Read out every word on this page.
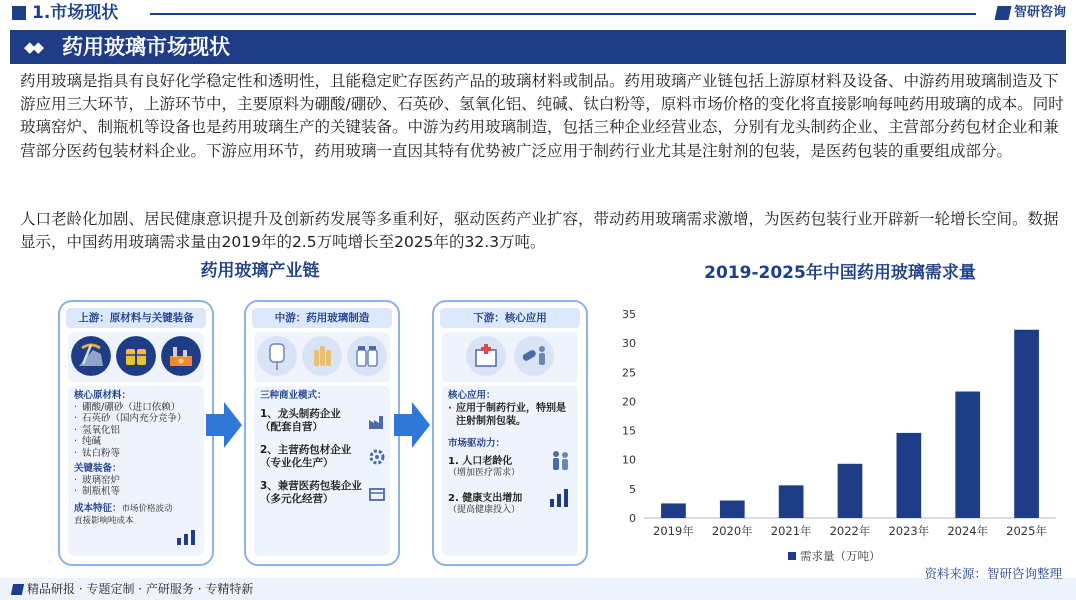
1.市场现状	智研咨询
◆◆ 药用玻璃市场现状

药用玻璃是指具有良好化学稳定性和透明性，且能稳定贮存医药产品的玻璃材料或制品。药用玻璃产业链包括上游原材料及设备、中游药用玻璃制造及下游应用三大环节，上游环节中，主要原料为硼酸/硼砂、石英砂、氢氧化铝、纯碱、钛白粉等，原料市场价格的变化将直接影响每吨药用玻璃的成本。同时玻璃窑炉、制瓶机等设备也是药用玻璃生产的关键装备。中游为药用玻璃制造，包括三种企业经营业态，分别有龙头制药企业、主营部分药包材企业和兼营部分医药包装材料企业。下游应用环节，药用玻璃一直因其特有优势被广泛应用于制药行业尤其是注射剂的包装，是医药包装的重要组成部分。

人口老龄化加剧、居民健康意识提升及创新药发展等多重利好，驱动医药产业扩容，带动药用玻璃需求激增，为医药包装行业开辟新一轮增长空间。数据显示，中国药用玻璃需求量由2019年的2.5万吨增长至2025年的32.3万吨。

药用玻璃产业链	2019-2025年中国药用玻璃需求量
上游：原材料与关键装备
核心原材料：
· 硼酸/硼砂（进口依赖）
· 石英砂（国内充分竞争）
· 氢氧化铝
· 纯碱
· 钛白粉等
关键装备：
· 玻璃窑炉
· 制瓶机等
成本特征：市场价格波动直接影响吨成本
中游：药用玻璃制造
三种商业模式：
1、龙头制药企业
（配套自营）
2、主营药包材企业
（专业化生产）
3、兼营医药包装企业
（多元化经营）
下游：核心应用
核心应用：
· 应用于制药行业，特别是注射制剂包装。
市场驱动力：
1. 人口老龄化
（增加医疗需求）
2. 健康支出增加
（提高健康投入）
0
5
10
15
20
25
30
35
2019年 2020年 2021年 2022年 2023年 2024年 2025年
需求量（万吨）
精品研报 · 专题定制 · 产研服务 · 专精特新
资料来源：智研咨询整理
